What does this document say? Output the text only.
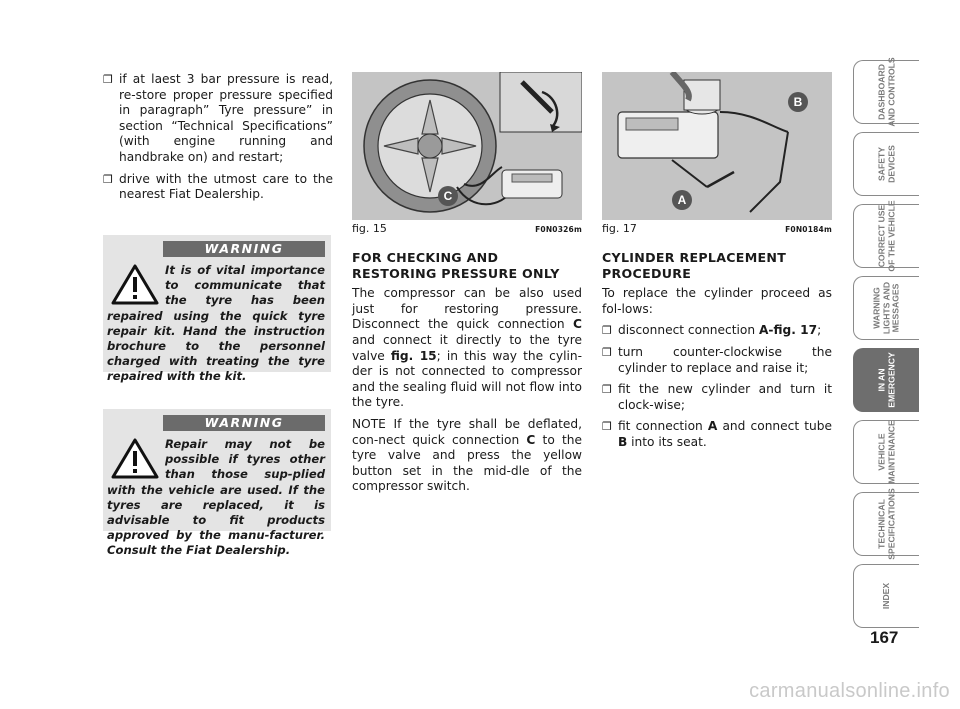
❒ if at laest 3 bar pressure is read, re-store proper pressure specified in paragraph” Tyre pressure” in section “Technical Specifications” (with engine running and handbrake on) and restart;
❒ drive with the utmost care to the nearest Fiat Dealership.
WARNING
It is of vital importance to communicate that the tyre has been repaired using the quick tyre repair kit. Hand the instruction brochure to the personnel charged with treating the tyre repaired with the kit.
WARNING
Repair may not be possible if tyres other than those sup-plied with the vehicle are used. If the tyres are replaced, it is advisable to fit products approved by the manu-facturer. Consult the Fiat Dealership.
C
fig. 15	F0N0326m
B
A
fig. 17	F0N0184m
FOR CHECKING AND
RESTORING PRESSURE ONLY

The compressor can be also used just for restoring pressure. Disconnect the quick connection C and connect it directly to the tyre valve fig. 15; in this way the cylin-der is not connected to compressor and the sealing fluid will not flow into the tyre.

NOTE If the tyre shall be deflated, con-nect quick connection C to the tyre valve and press the yellow button set in the mid-dle of the compressor switch.

CYLINDER REPLACEMENT
PROCEDURE

To replace the cylinder proceed as fol-lows:

❒ disconnect connection A-fig. 17;
❒ turn counter-clockwise the cylinder to replace and raise it;
❒ fit the new cylinder and turn it clock-wise;
❒ fit connection A and connect tube B into its seat.
DASHBOARD
AND CONTROLS
SAFETY
DEVICES
CORRECT USE
OF THE VEHICLE
WARNING
LIGHTS AND
MESSAGES
IN AN
EMERGENCY
VEHICLE
MAINTENANCE
TECHNICAL
SPECIFICATIONS
INDEX
167
carmanualsonline.info
